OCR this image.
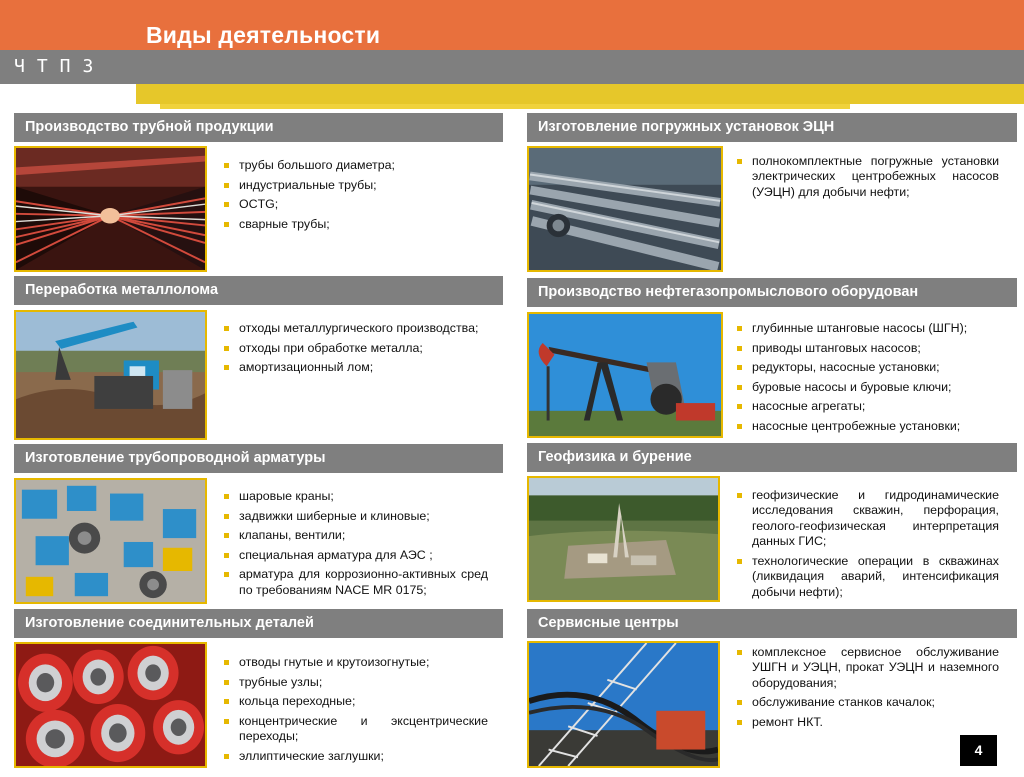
Виды деятельности
ЧТПЗ
Производство трубной продукции
трубы большого диаметра;
индустриальные трубы;
OCTG;
сварные трубы;
Изготовление погружных установок ЭЦН
полнокомплектные погружные установки электрических центробежных насосов (УЭЦН) для добычи нефти;
Переработка металлолома
отходы металлургического производства;
отходы при обработке металла;
амортизационный лом;
Производство нефтегазопромыслового оборудован
глубинные штанговые насосы (ШГН);
приводы штанговых насосов;
редукторы, насосные установки;
буровые насосы и буровые ключи;
насосные агрегаты;
насосные центробежные установки;
Изготовление трубопроводной арматуры
шаровые краны;
задвижки шиберные и клиновые;
клапаны, вентили;
специальная арматура для АЭС ;
арматура для коррозионно-активных сред по требованиям NACE MR 0175;
Геофизика и бурение
геофизические и гидродинамические исследования скважин, перфорация, геолого-геофизическая интерпретация данных ГИС;
технологические операции в скважинах (ликвидация аварий, интенсификация добычи нефти);
Изготовление соединительных деталей
отводы гнутые и крутоизогнутые;
трубные узлы;
кольца переходные;
концентрические и эксцентрические переходы;
эллиптические заглушки;
Сервисные центры
комплексное сервисное обслуживание УШГН и УЭЦН, прокат УЭЦН и наземного оборудования;
обслуживание станков качалок;
ремонт НКТ.
4
